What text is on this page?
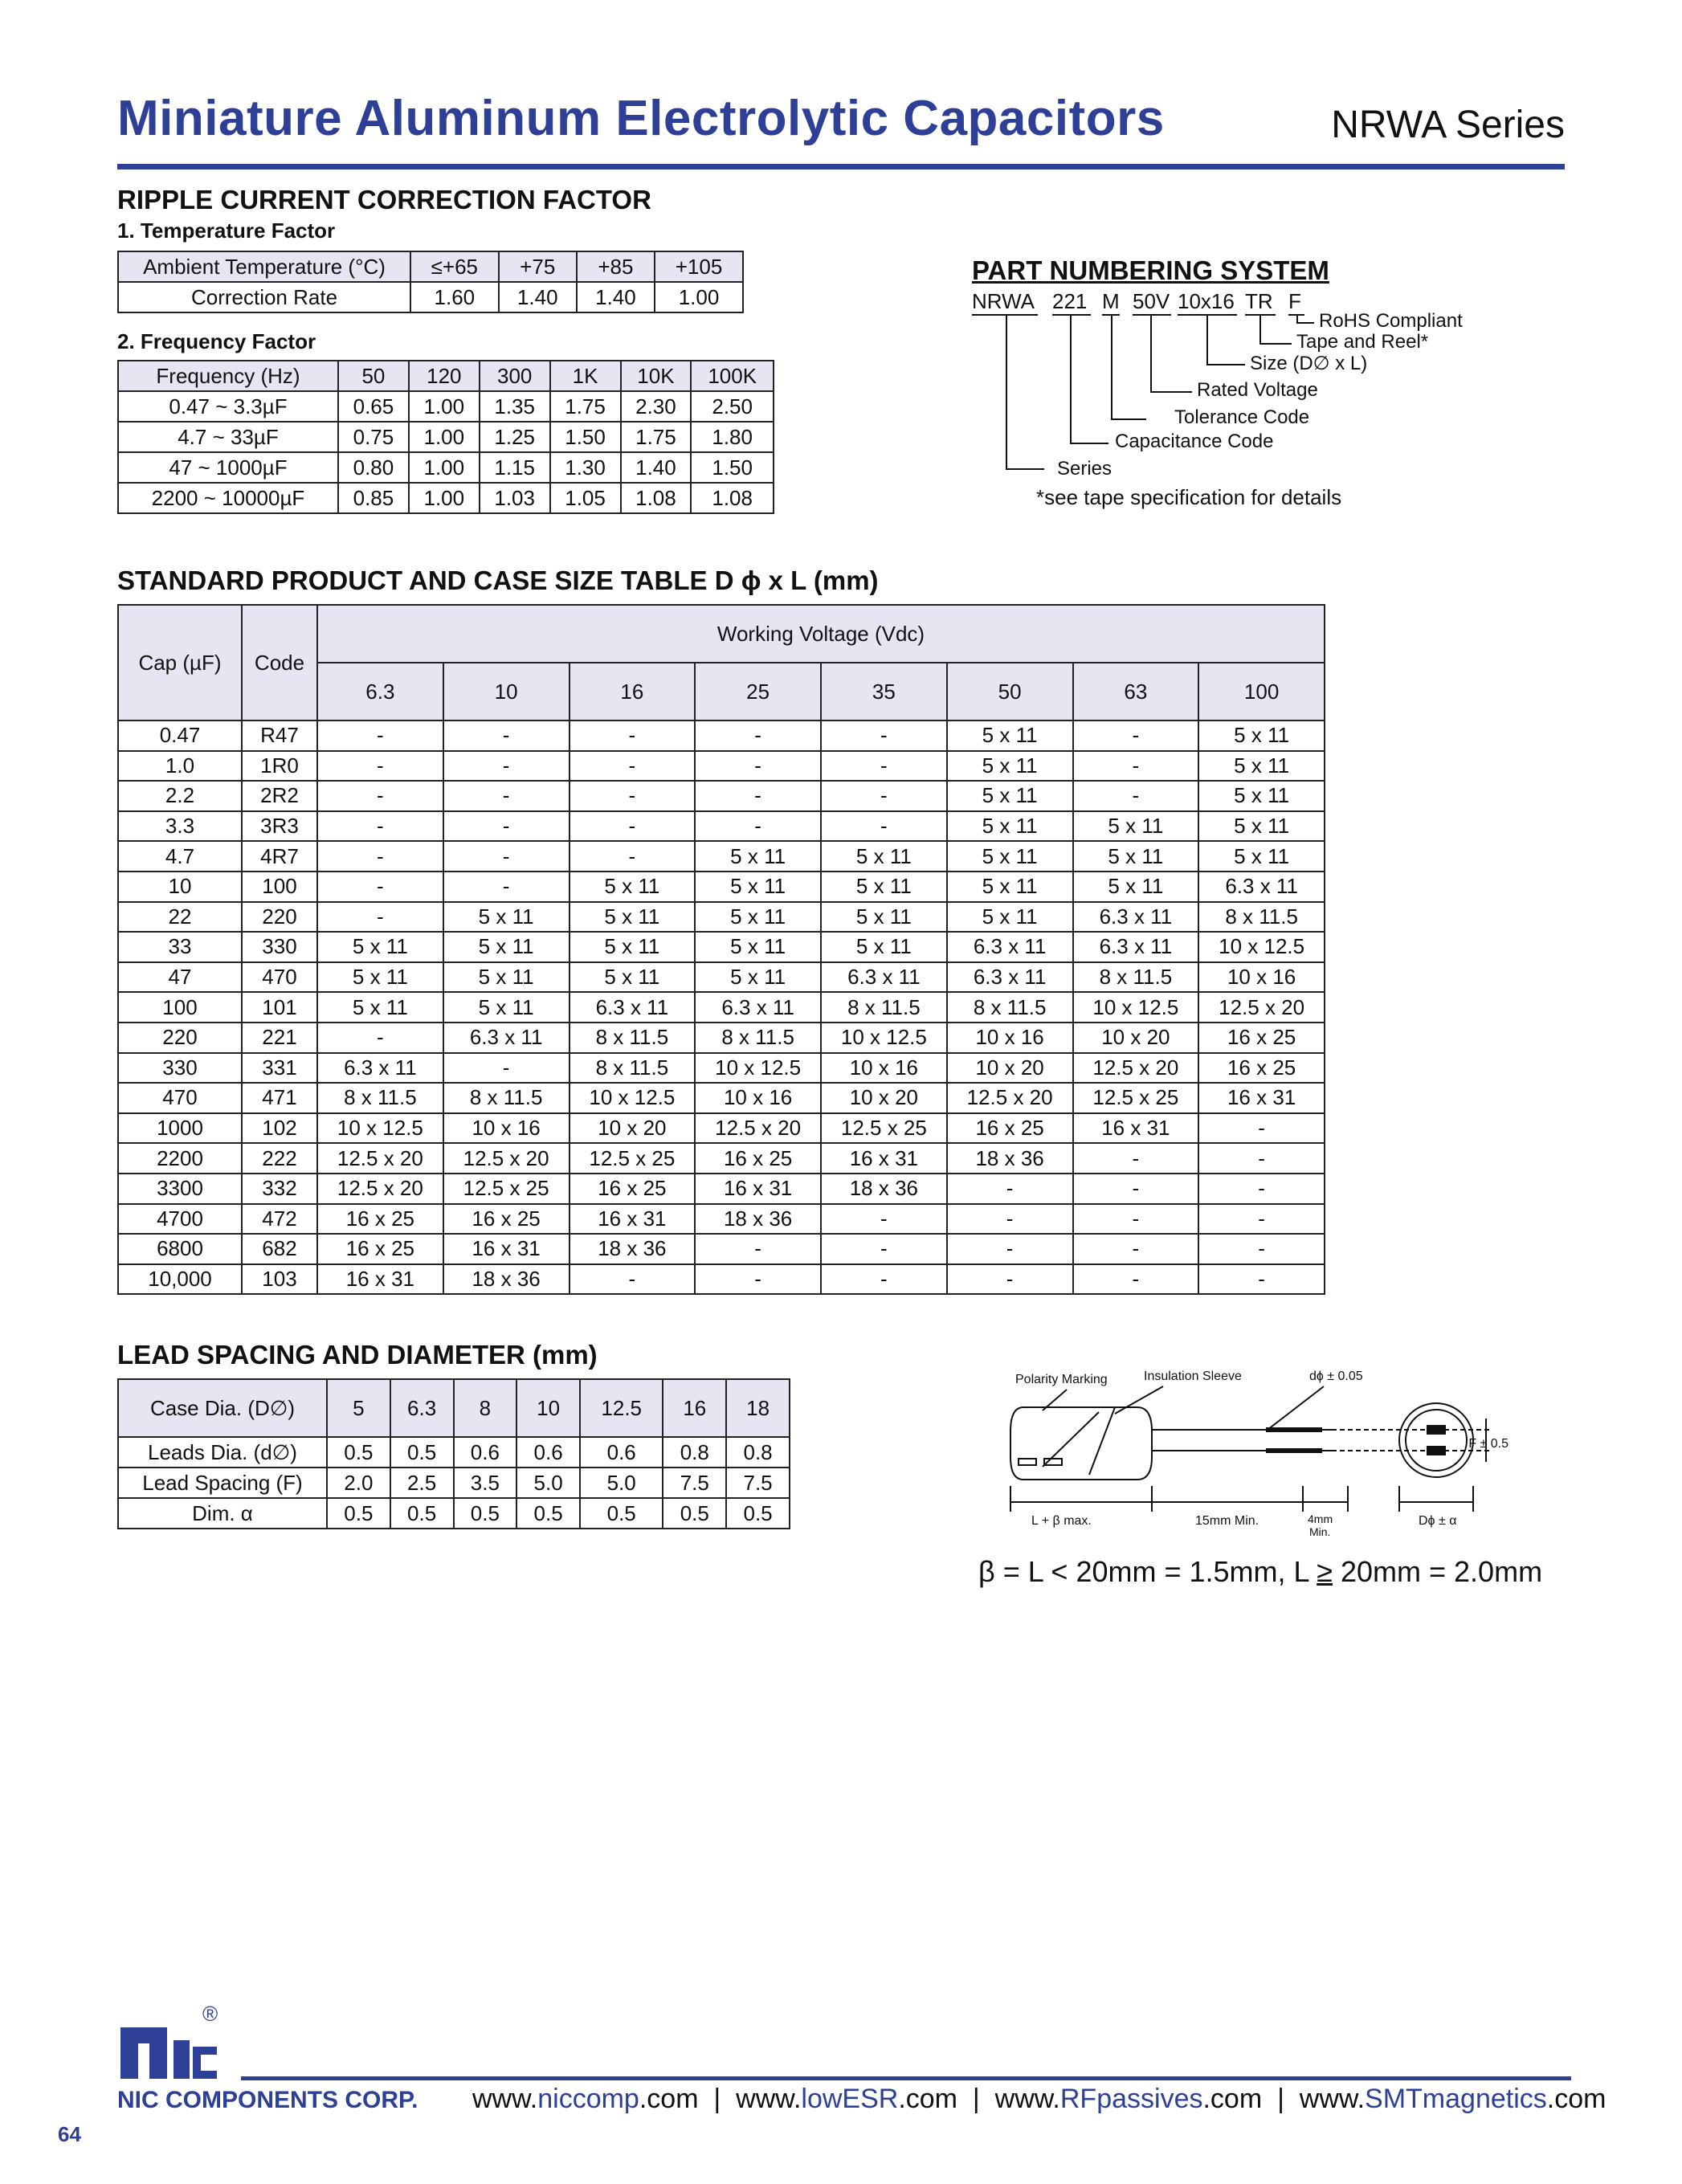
Miniature Aluminum Electrolytic Capacitors	NRWA Series
RIPPLE CURRENT CORRECTION FACTOR
1. Temperature Factor
Ambient Temperature (°C)	≤+65	+75	+85	+105
Correction Rate	1.60	1.40	1.40	1.00
2. Frequency Factor
Frequency (Hz)	50	120	300	1K	10K	100K
0.47 ~ 3.3µF	0.65	1.00	1.35	1.75	2.30	2.50
4.7 ~ 33µF	0.75	1.00	1.25	1.50	1.75	1.80
47 ~ 1000µF	0.80	1.00	1.15	1.30	1.40	1.50
2200 ~ 10000µF	0.85	1.00	1.03	1.05	1.08	1.08
PART NUMBERING SYSTEM
NRWA 221 M 50V 10x16 TR F
RoHS Compliant
Tape and Reel*
Size (D∅ x L)
Rated Voltage
Tolerance Code
Capacitance Code
Series
*see tape specification for details
STANDARD PRODUCT AND CASE SIZE TABLE D ϕ x L (mm)
Cap (µF)	Code	Working Voltage (Vdc)							
		6.3	10	16	25	35	50	63	100
0.47	R47	-	-	-	-	-	5 x 11	-	5 x 11
1.0	1R0	-	-	-	-	-	5 x 11	-	5 x 11
2.2	2R2	-	-	-	-	-	5 x 11	-	5 x 11
3.3	3R3	-	-	-	-	-	5 x 11	5 x 11	5 x 11
4.7	4R7	-	-	-	5 x 11	5 x 11	5 x 11	5 x 11	5 x 11
10	100	-	-	5 x 11	5 x 11	5 x 11	5 x 11	5 x 11	6.3 x 11
22	220	-	5 x 11	5 x 11	5 x 11	5 x 11	5 x 11	6.3 x 11	8 x 11.5
33	330	5 x 11	5 x 11	5 x 11	5 x 11	5 x 11	6.3 x 11	6.3 x 11	10 x 12.5
47	470	5 x 11	5 x 11	5 x 11	5 x 11	6.3 x 11	6.3 x 11	8 x 11.5	10 x 16
100	101	5 x 11	5 x 11	6.3 x 11	6.3 x 11	8 x 11.5	8 x 11.5	10 x 12.5	12.5 x 20
220	221	-	6.3 x 11	8 x 11.5	8 x 11.5	10 x 12.5	10 x 16	10 x 20	16 x 25
330	331	6.3 x 11	-	8 x 11.5	10 x 12.5	10 x 16	10 x 20	12.5 x 20	16 x 25
470	471	8 x 11.5	8 x 11.5	10 x 12.5	10 x 16	10 x 20	12.5 x 20	12.5 x 25	16 x 31
1000	102	10 x 12.5	10 x 16	10 x 20	12.5 x 20	12.5 x 25	16 x 25	16 x 31	-
2200	222	12.5 x 20	12.5 x 20	12.5 x 25	16 x 25	16 x 31	18 x 36	-	-
3300	332	12.5 x 20	12.5 x 25	16 x 25	16 x 31	18 x 36	-	-	-
4700	472	16 x 25	16 x 25	16 x 31	18 x 36	-	-	-	-
6800	682	16 x 25	16 x 31	18 x 36	-	-	-	-	-
10,000	103	16 x 31	18 x 36	-	-	-	-	-	-
LEAD SPACING AND DIAMETER (mm)
Case Dia. (D∅)	5	6.3	8	10	12.5	16	18
Leads Dia. (d∅)	0.5	0.5	0.6	0.6	0.6	0.8	0.8
Lead Spacing (F)	2.0	2.5	3.5	5.0	5.0	7.5	7.5
Dim. α	0.5	0.5	0.5	0.5	0.5	0.5	0.5
Polarity Marking	Insulation Sleeve	dϕ ± 0.05
F ± 0.5
L + β max.	15mm Min.	4mm
Min.
Dϕ ± α
β = L < 20mm = 1.5mm, L ≥ 20mm = 2.0mm
®
NIC COMPONENTS CORP. www.niccomp.com  |  www.lowESR.com  |  www.RFpassives.com  |  www.SMTmagnetics.com
64
